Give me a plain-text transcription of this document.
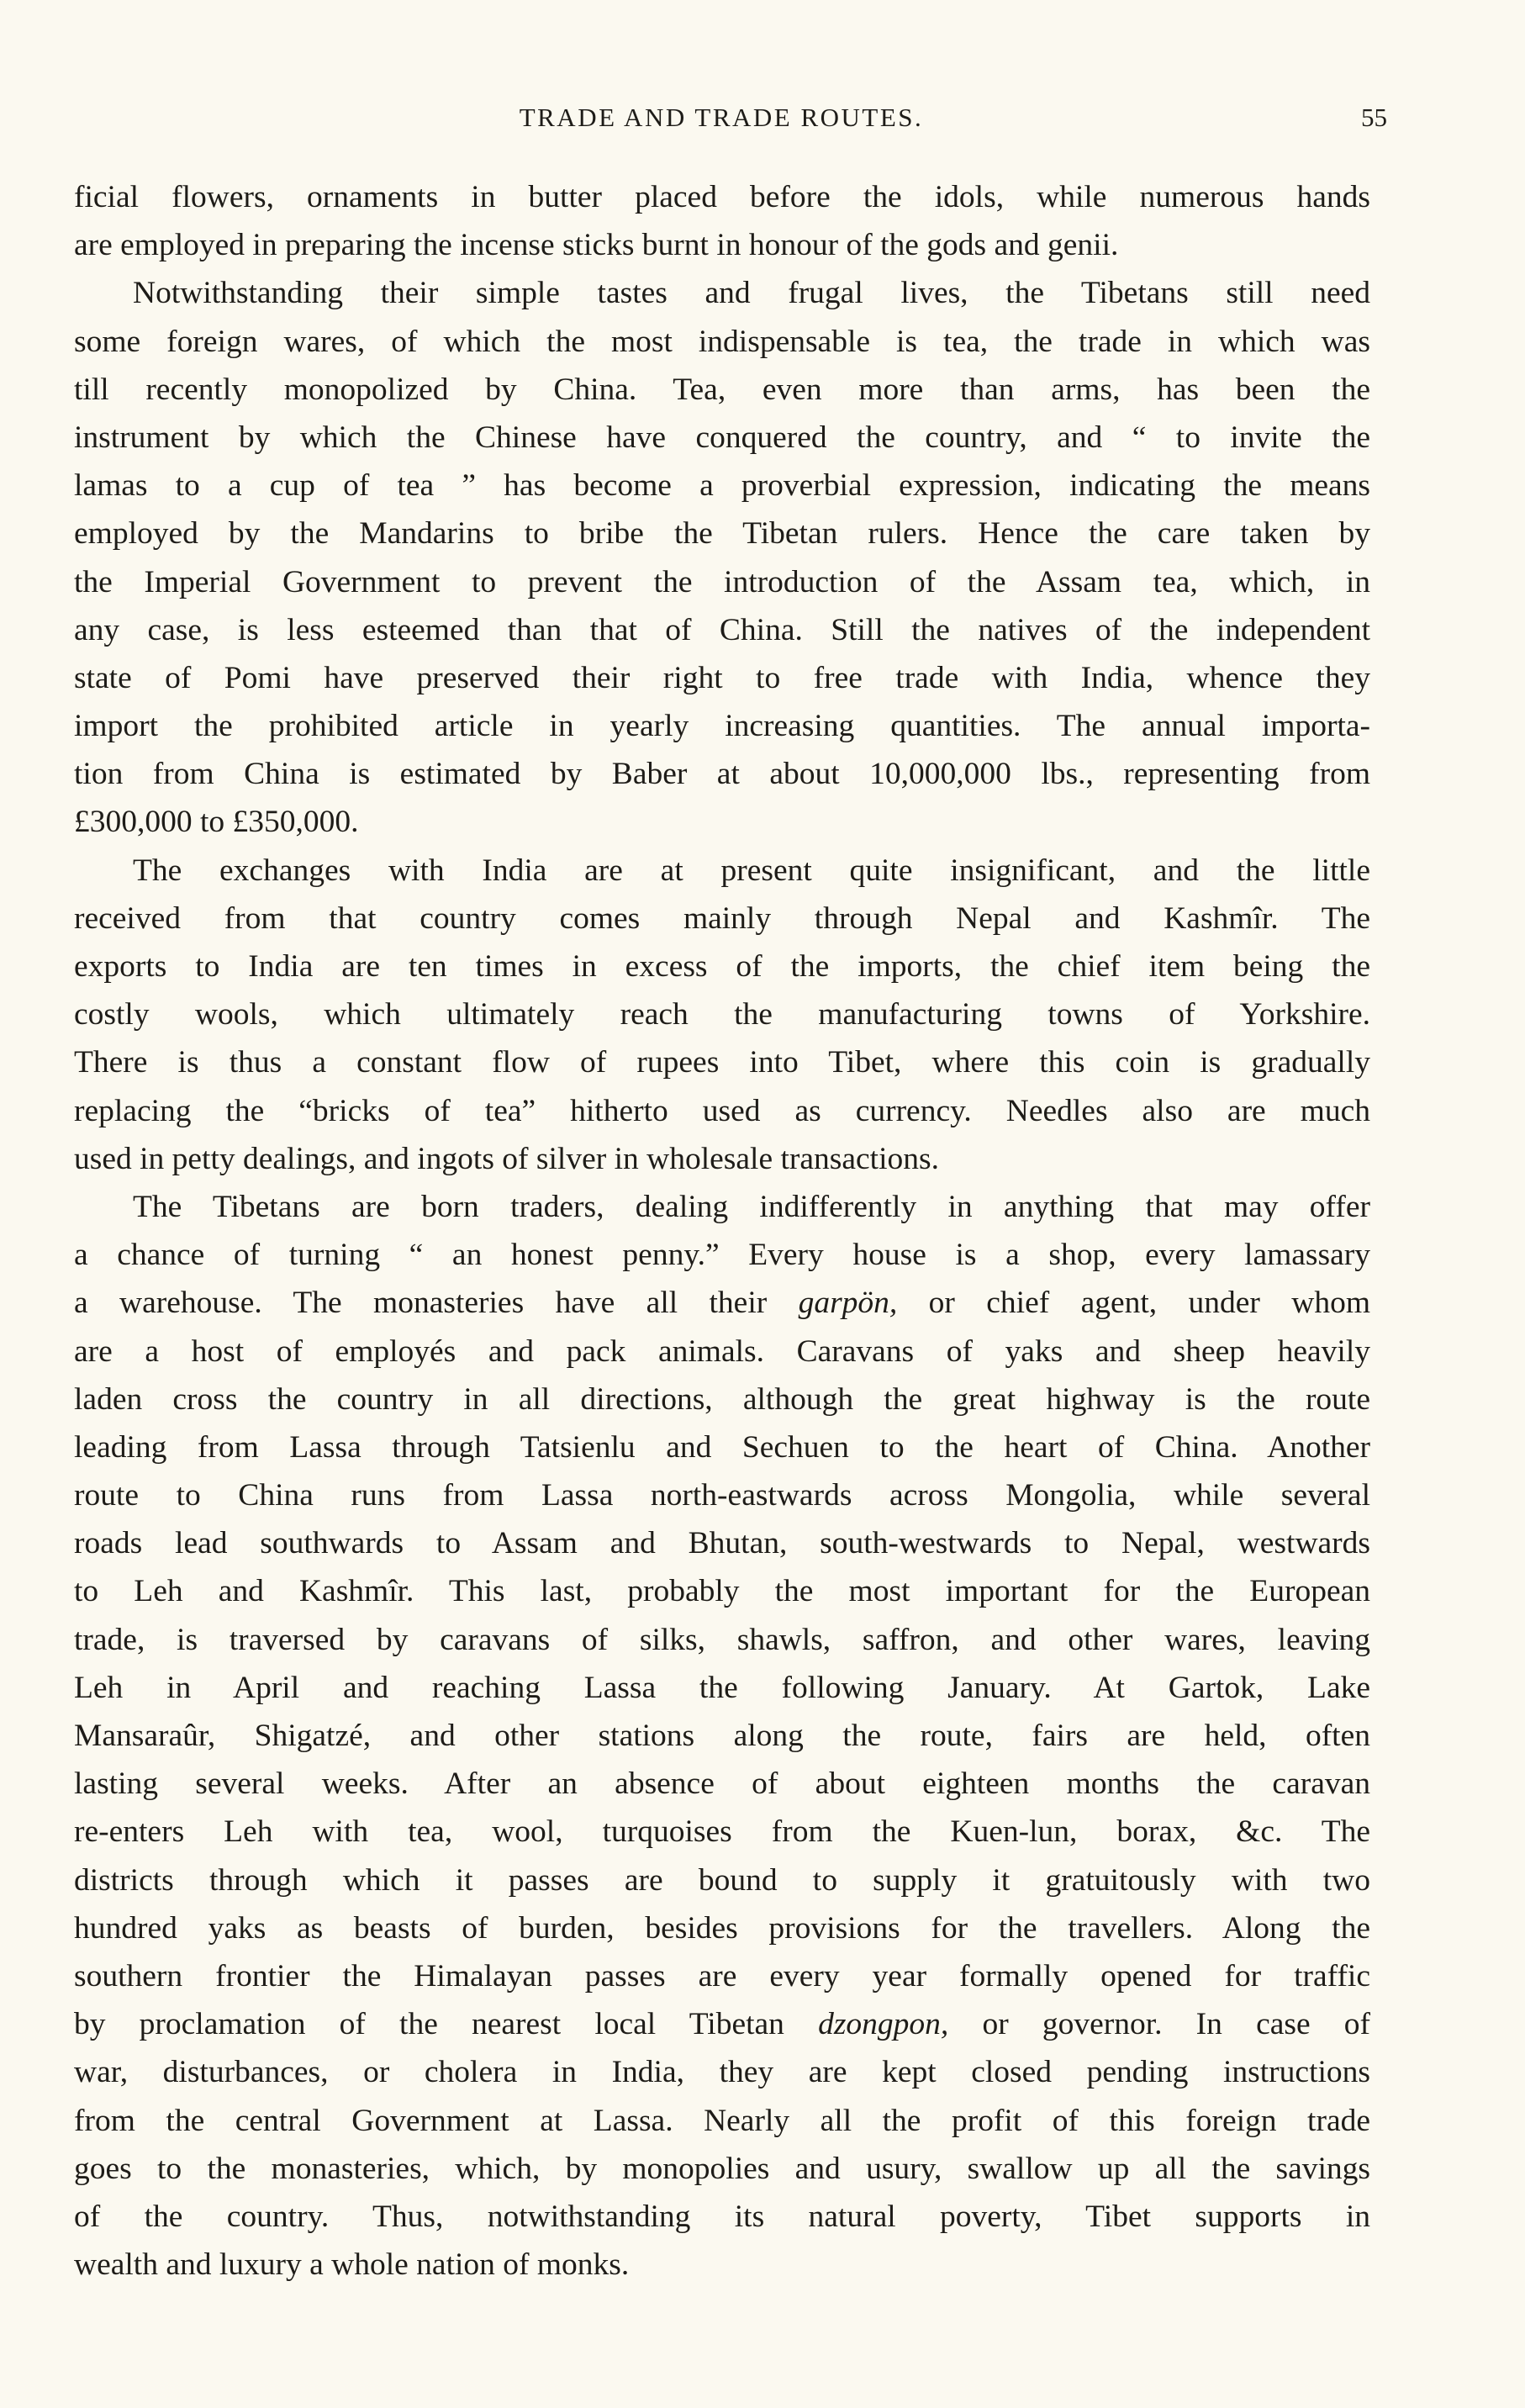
TRADE AND TRADE ROUTES.	55
ficial flowers, ornaments in butter placed before the idols, while numerous hands
are employed in preparing the incense sticks burnt in honour of the gods and genii.
Notwithstanding their simple tastes and frugal lives, the Tibetans still need
some foreign wares, of which the most indispensable is tea, the trade in which was
till recently monopolized by China. Tea, even more than arms, has been the
instrument by which the Chinese have conquered the country, and “ to invite the
lamas to a cup of tea ” has become a proverbial expression, indicating the means
employed by the Mandarins to bribe the Tibetan rulers. Hence the care taken by
the Imperial Government to prevent the introduction of the Assam tea, which, in
any case, is less esteemed than that of China. Still the natives of the independent
state of Pomi have preserved their right to free trade with India, whence they
import the prohibited article in yearly increasing quantities. The annual importa-
tion from China is estimated by Baber at about 10,000,000 lbs., representing from
£300,000 to £350,000.
The exchanges with India are at present quite insignificant, and the little
received from that country comes mainly through Nepal and Kashmîr. The
exports to India are ten times in excess of the imports, the chief item being the
costly wools, which ultimately reach the manufacturing towns of Yorkshire.
There is thus a constant flow of rupees into Tibet, where this coin is gradually
replacing the “bricks of tea” hitherto used as currency. Needles also are much
used in petty dealings, and ingots of silver in wholesale transactions.
The Tibetans are born traders, dealing indifferently in anything that may offer
a chance of turning “ an honest penny.” Every house is a shop, every lamassary
a warehouse. The monasteries have all their garpön, or chief agent, under whom
are a host of employés and pack animals. Caravans of yaks and sheep heavily
laden cross the country in all directions, although the great highway is the route
leading from Lassa through Tatsienlu and Sechuen to the heart of China. Another
route to China runs from Lassa north-eastwards across Mongolia, while several
roads lead southwards to Assam and Bhutan, south-westwards to Nepal, westwards
to Leh and Kashmîr. This last, probably the most important for the European
trade, is traversed by caravans of silks, shawls, saffron, and other wares, leaving
Leh in April and reaching Lassa the following January. At Gartok, Lake
Mansaraûr, Shigatzé, and other stations along the route, fairs are held, often
lasting several weeks. After an absence of about eighteen months the caravan
re-enters Leh with tea, wool, turquoises from the Kuen-lun, borax, &c. The
districts through which it passes are bound to supply it gratuitously with two
hundred yaks as beasts of burden, besides provisions for the travellers. Along the
southern frontier the Himalayan passes are every year formally opened for traffic
by proclamation of the nearest local Tibetan dzongpon, or governor. In case of
war, disturbances, or cholera in India, they are kept closed pending instructions
from the central Government at Lassa. Nearly all the profit of this foreign trade
goes to the monasteries, which, by monopolies and usury, swallow up all the savings
of the country. Thus, notwithstanding its natural poverty, Tibet supports in
wealth and luxury a whole nation of monks.
